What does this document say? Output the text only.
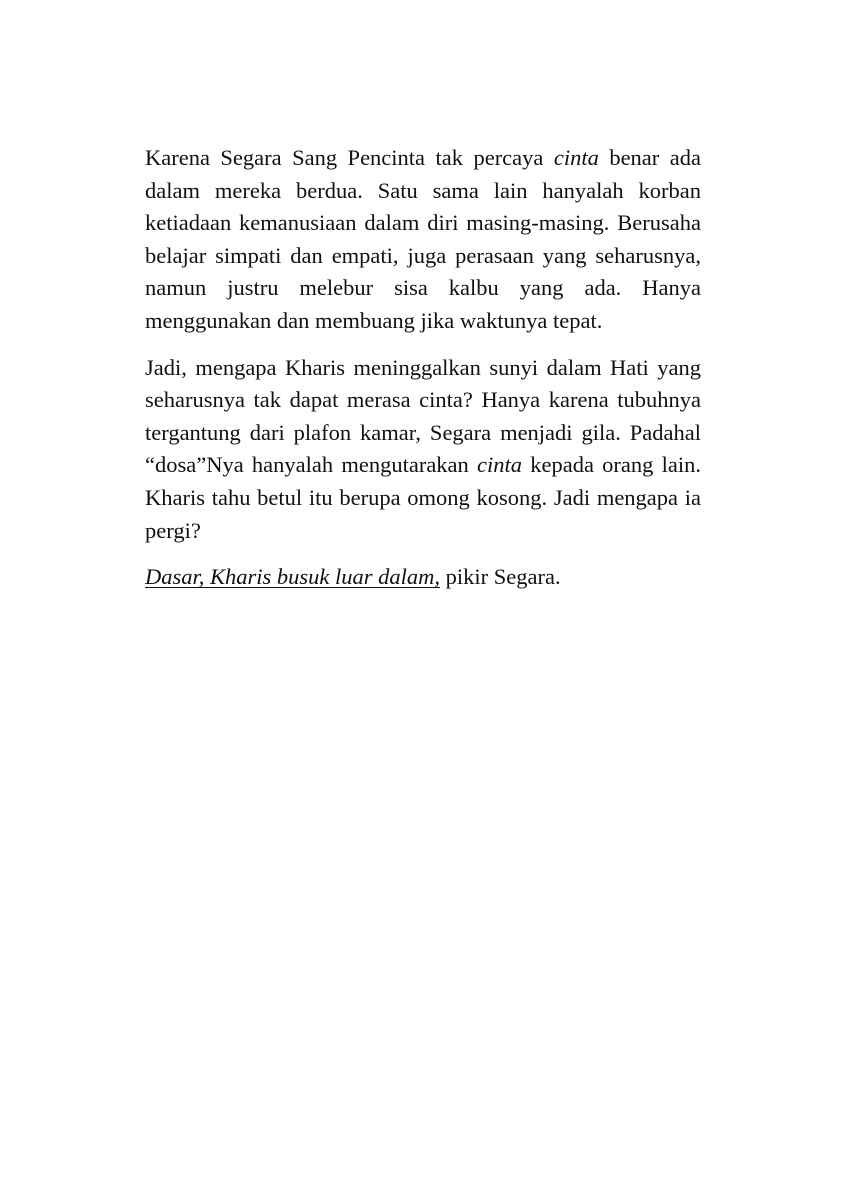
Karena Segara Sang Pencinta tak percaya cinta benar ada dalam mereka berdua. Satu sama lain hanyalah korban ketiadaan kemanusiaan dalam diri masing-masing. Berusaha belajar simpati dan empati, juga perasaan yang seharusnya, namun justru melebur sisa kalbu yang ada. Hanya menggunakan dan membuang jika waktunya tepat.

Jadi, mengapa Kharis meninggalkan sunyi dalam Hati yang seharusnya tak dapat merasa cinta? Hanya karena tubuhnya tergantung dari plafon kamar, Segara menjadi gila. Padahal “dosa”Nya hanyalah mengutarakan cinta kepada orang lain. Kharis tahu betul itu berupa omong kosong. Jadi mengapa ia pergi?

Dasar, Kharis busuk luar dalam, pikir Segara.
